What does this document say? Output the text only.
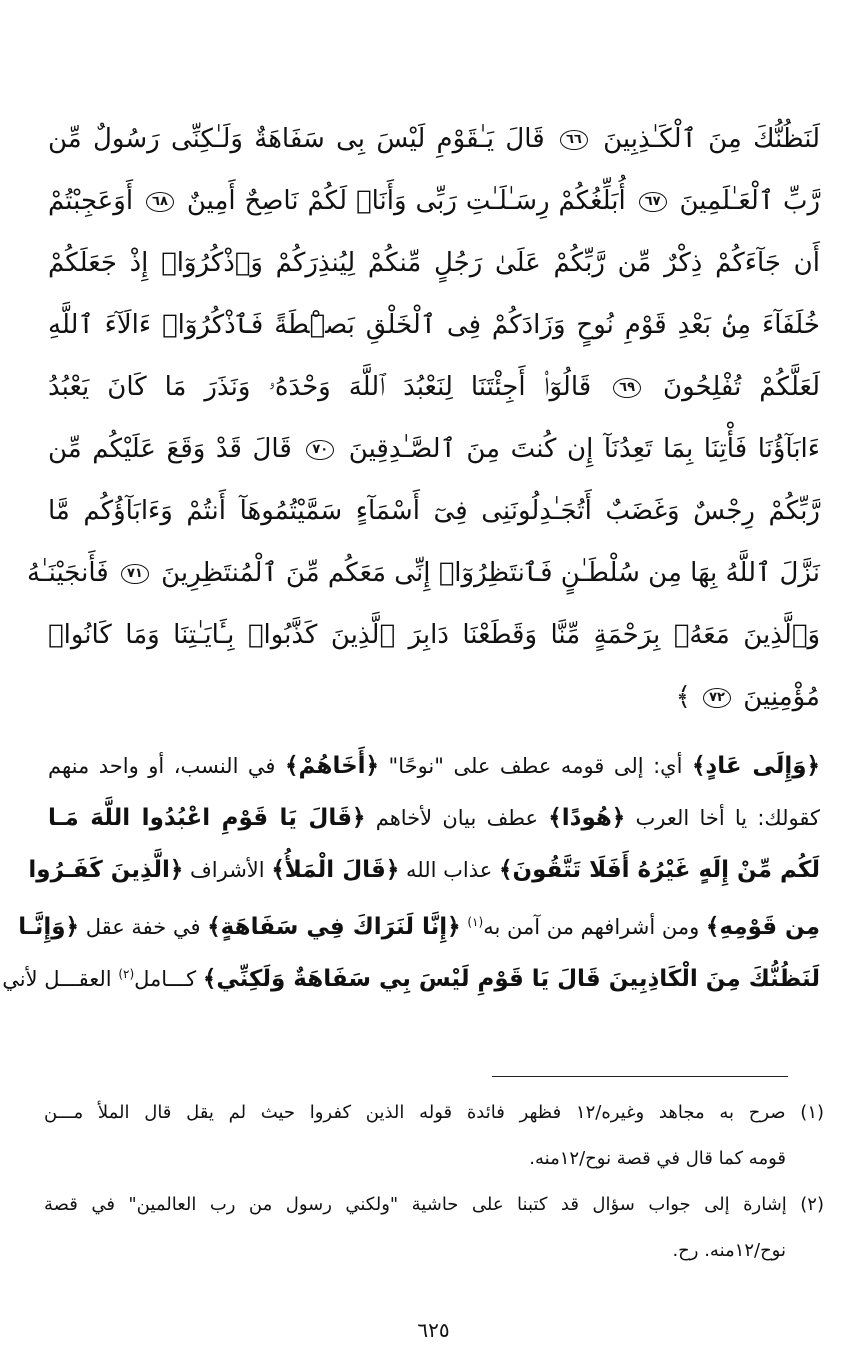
لَنَظُنُّكَ مِنَ ٱلْكَـٰذِبِينَ ٦٦ قَالَ يَـٰقَوْمِ لَيْسَ بِى سَفَاهَةٌ وَلَـٰكِنِّى رَسُولٌ مِّن
رَّبِّ ٱلْعَـٰلَمِينَ ٦٧ أُبَلِّغُكُمْ رِسَـٰلَـٰتِ رَبِّى وَأَنَا۠ لَكُمْ نَاصِحٌ أَمِينٌ ٦٨ أَوَعَجِبْتُمْ
أَن جَآءَكُمْ ذِكْرٌ مِّن رَّبِّكُمْ عَلَىٰ رَجُلٍ مِّنكُمْ لِيُنذِرَكُمْ وَٱذْكُرُوٓا۟ إِذْ جَعَلَكُمْ
خُلَفَآءَ مِنۢ بَعْدِ قَوْمِ نُوحٍ وَزَادَكُمْ فِى ٱلْخَلْقِ بَصْۜطَةً فَٱذْكُرُوٓا۟ ءَالَآءَ ٱللَّهِ
لَعَلَّكُمْ تُفْلِحُونَ ٦٩ قَالُوٓا۟ أَجِئْتَنَا لِنَعْبُدَ ٱللَّهَ وَحْدَهُۥ وَنَذَرَ مَا كَانَ يَعْبُدُ
ءَابَآؤُنَا فَأْتِنَا بِمَا تَعِدُنَآ إِن كُنتَ مِنَ ٱلصَّـٰدِقِينَ ٧٠ قَالَ قَدْ وَقَعَ عَلَيْكُم مِّن
رَّبِّكُمْ رِجْسٌ وَغَضَبٌ أَتُجَـٰدِلُونَنِى فِىٓ أَسْمَآءٍ سَمَّيْتُمُوهَآ أَنتُمْ وَءَابَآؤُكُم مَّا
نَزَّلَ ٱللَّهُ بِهَا مِن سُلْطَـٰنٍ فَٱنتَظِرُوٓا۟ إِنِّى مَعَكُم مِّنَ ٱلْمُنتَظِرِينَ ٧١ فَأَنجَيْنَـٰهُ
وَٱلَّذِينَ مَعَهُۥ بِرَحْمَةٍ مِّنَّا وَقَطَعْنَا دَابِرَ ٱلَّذِينَ كَذَّبُوا۟ بِـَٔايَـٰتِنَا وَمَا كَانُوا۟
مُؤْمِنِينَ ٧٢ ﴾
﴿وَإِلَى عَادٍ﴾ أي: إلى قومه عطف على "نوحًا" ﴿أَخَاهُمْ﴾ في النسب، أو واحد منهم
كقولك: يا أخا العرب ﴿هُودًا﴾ عطف بيان لأخاهم ﴿قَالَ يَا قَوْمِ اعْبُدُوا اللَّهَ مَـا
لَكُم مِّنْ إِلَهٍ غَيْرُهُ أَفَلَا تَتَّقُونَ﴾ عذاب الله ﴿قَالَ الْمَلأُ﴾ الأشراف ﴿الَّذِينَ كَفَـرُوا
مِن قَوْمِهِ﴾ ومن أشرافهم من آمن به$^{(١)}$ ﴿إِنَّا لَنَرَاكَ فِي سَفَاهَةٍ﴾ في خفة عقل ﴿وَإِنَّـا
لَنَظُنُّكَ مِنَ الْكَاذِبِينَ قَالَ يَا قَوْمِ لَيْسَ بِي سَفَاهَةٌ وَلَكِنِّي﴾ كـــامل$^{(٢)}$ العقـــل لأني
(١) صرح به مجاهد وغيره/١٢ فظهر فائدة قوله الذين كفروا حيث لم يقل قال الملأ مـــن
قومه كما قال في قصة نوح/١٢منه.
(٢) إشارة إلى جواب سؤال قد كتبنا على حاشية "ولكني رسول من رب العالمين" في قصة
نوح/١٢منه. رح.
٦٢٥
